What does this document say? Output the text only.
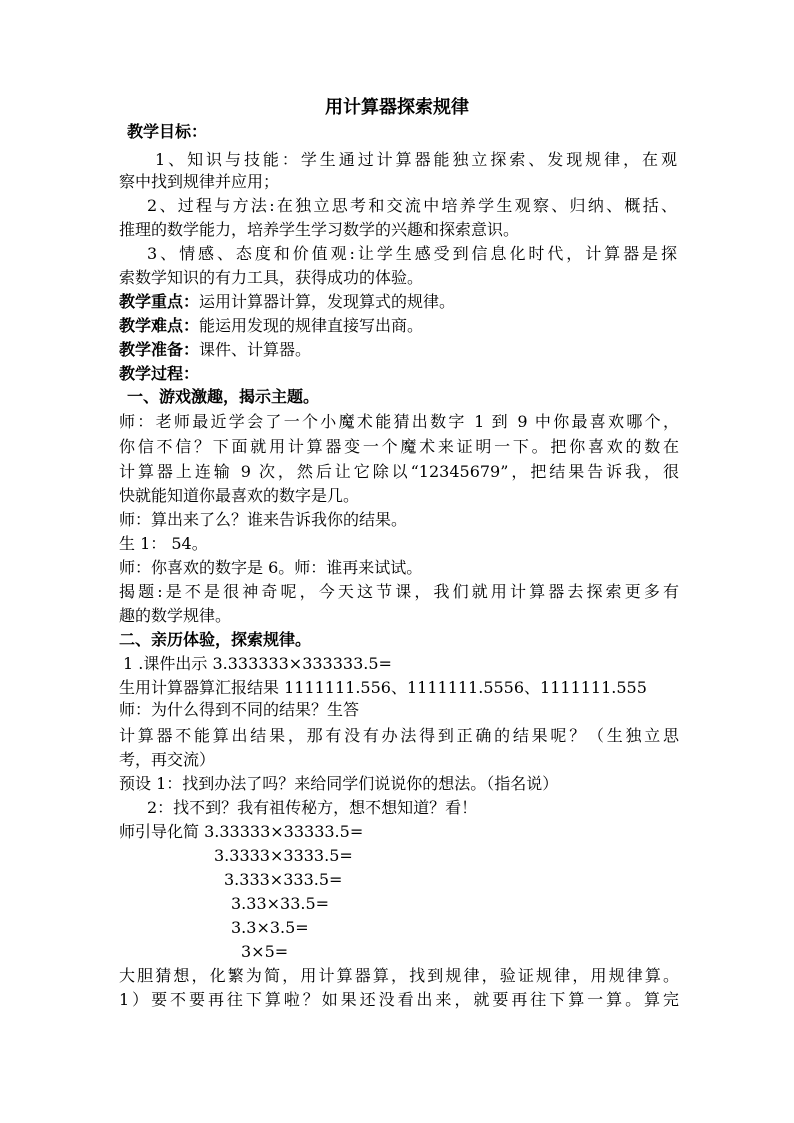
用计算器探索规律
教学目标：
1、知识与技能：学生通过计算器能独立探索、发现规律，在观
察中找到规律并应用；
2、过程与方法:在独立思考和交流中培养学生观察、归纳、概括、
推理的数学能力，培养学生学习数学的兴趣和探索意识。
3、情感、态度和价值观:让学生感受到信息化时代，计算器是探
索数学知识的有力工具，获得成功的体验。
教学重点：运用计算器计算，发现算式的规律。
教学难点：能运用发现的规律直接写出商。
教学准备：课件、计算器。
教学过程：
一、游戏激趣，揭示主题。
师：老师最近学会了一个小魔术能猜出数字 1 到 9 中你最喜欢哪个，
你信不信？下面就用计算器变一个魔术来证明一下。把你喜欢的数在
计算器上连输 9 次，然后让它除以“12345679”，把结果告诉我，很
快就能知道你最喜欢的数字是几。
师：算出来了么？谁来告诉我你的结果。
生 1： 54。
师：你喜欢的数字是 6。师：谁再来试试。
揭题:是不是很神奇呢，今天这节课，我们就用计算器去探索更多有
趣的数学规律。
二、亲历体验，探索规律。
1 .课件出示 3.333333×333333.5=
生用计算器算汇报结果 1111111.556、1111111.5556、1111111.555
师：为什么得到不同的结果？生答
计算器不能算出结果，那有没有办法得到正确的结果呢？（生独立思
考，再交流）
预设 1：找到办法了吗？来给同学们说说你的想法。（指名说）
2：找不到？我有祖传秘方，想不想知道？看！
师引导化简 3.33333×33333.5=
3.3333×3333.5=
3.333×333.5=
3.33×33.5=
3.3×3.5=
3×5=
大胆猜想，化繁为简，用计算器算，找到规律，验证规律，用规律算。
1）要不要再往下算啦？如果还没看出来，就要再往下算一算。算完
